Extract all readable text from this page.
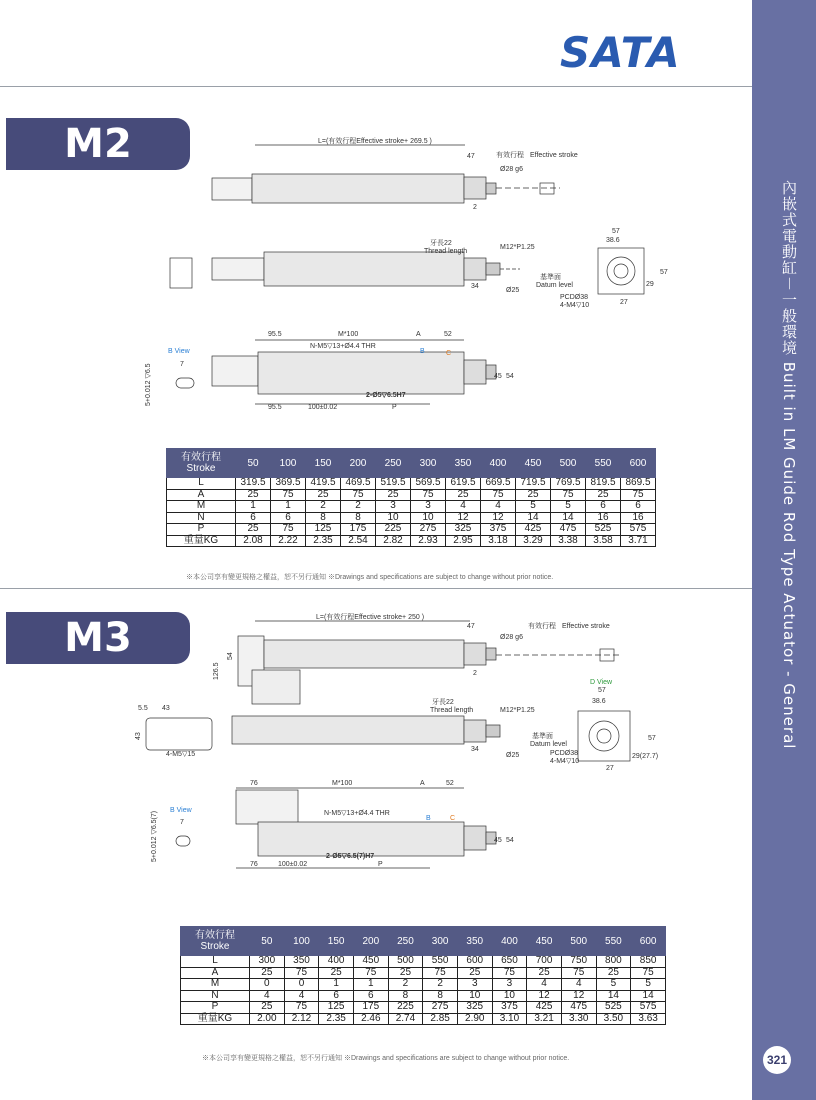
內嵌式電動缸－一般環境 Built in LM Guide Rod Type Actuator - General
321
SATA
M2
M3
L=(有效行程Effective stroke+ 269.5 )
47	有效行程 Effective stroke
Ø28 g6
2
牙長22
Thread length
M12*P1.25
34
Ø25
57
38.6
57
29
基準面
Datum level
PCDØ38
4-M4▽10	27
B View
7
5+0.012 ▽6.5
95.5	M*100	A	52
N-M5▽13+Ø4.4 THR
B	C
45 54
2-Ø5▽6.5H7
95.5	100±0.02	P
有效行程
Stroke	50	100	150	200	250	300	350	400	450	500	550	600
L	319.5	369.5	419.5	469.5	519.5	569.5	619.5	669.5	719.5	769.5	819.5	869.5
A	25	75	25	75	25	75	25	75	25	75	25	75
M	1	1	2	2	3	3	4	4	5	5	6	6
N	6	6	8	8	10	10	12	12	14	14	16	16
P	25	75	125	175	225	275	325	375	425	475	525	575
重量KG	2.08	2.22	2.35	2.54	2.82	2.93	2.95	3.18	3.29	3.38	3.58	3.71
※本公司享有變更規格之權益，恕不另行通知 ※Drawings and specifications are subject to change without prior notice.
L=(有效行程Effective stroke+ 250 )
47	有效行程 Effective stroke
Ø28 g6
2
54
126.5
5.5 43
43
4-M5▽15
牙長22
Thread length	M12*P1.25
34
Ø25
D View
57
38.6
57
29(27.7)
基準面
Datum level
PCDØ38
4-M4▽10
27
B View
7
5+0.012 ▽6.5(7)
76	M*100	A	52
N-M5▽13+Ø4.4 THR
B	C
45 54
2-Ø5▽6.5(7)H7
76	100±0.02	P
有效行程
Stroke	50	100	150	200	250	300	350	400	450	500	550	600
L	300	350	400	450	500	550	600	650	700	750	800	850
A	25	75	25	75	25	75	25	75	25	75	25	75
M	0	0	1	1	2	2	3	3	4	4	5	5
N	4	4	6	6	8	8	10	10	12	12	14	14
P	25	75	125	175	225	275	325	375	425	475	525	575
重量KG	2.00	2.12	2.35	2.46	2.74	2.85	2.90	3.10	3.21	3.30	3.50	3.63
※本公司享有變更規格之權益，恕不另行通知 ※Drawings and specifications are subject to change without prior notice.
